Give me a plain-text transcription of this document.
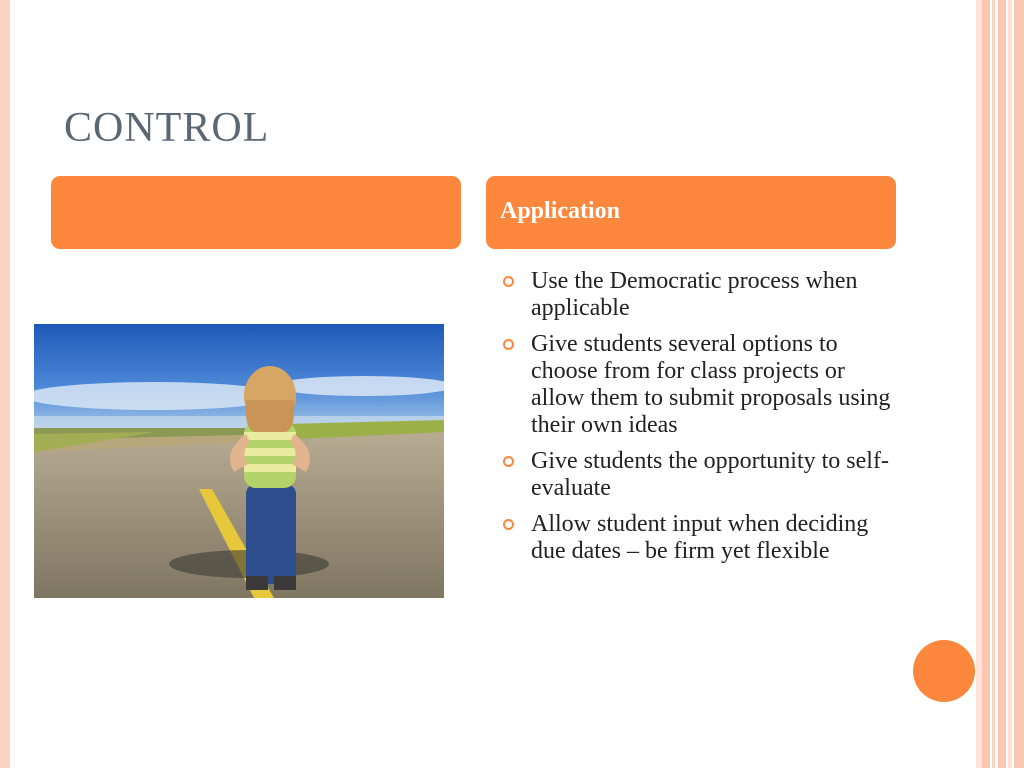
CONTROL
Application
Use the Democratic process when applicable
Give students several options to choose from for class projects or allow them to submit proposals using their own ideas
Give students the opportunity to self-evaluate
Allow student input when deciding due dates – be firm yet flexible
